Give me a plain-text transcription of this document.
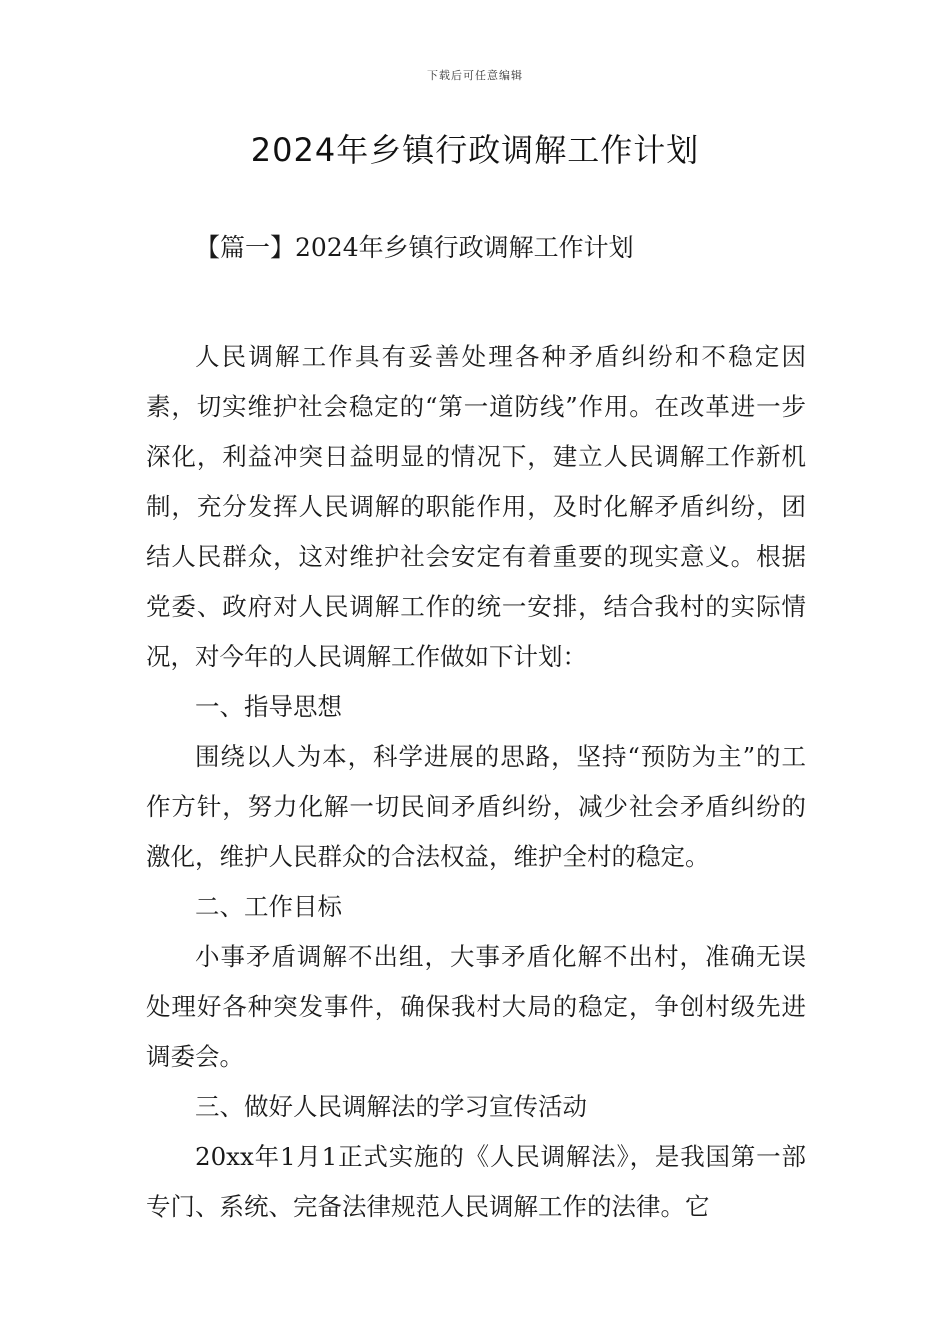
下载后可任意编辑
2024年乡镇行政调解工作计划
【篇一】2024年乡镇行政调解工作计划

人民调解工作具有妥善处理各种矛盾纠纷和不稳定因素，切实维护社会稳定的“第一道防线”作用。在改革进一步深化，利益冲突日益明显的情况下，建立人民调解工作新机制，充分发挥人民调解的职能作用，及时化解矛盾纠纷，团结人民群众，这对维护社会安定有着重要的现实意义。根据党委、政府对人民调解工作的统一安排，结合我村的实际情况，对今年的人民调解工作做如下计划：

一、指导思想

围绕以人为本，科学进展的思路，坚持“预防为主”的工作方针，努力化解一切民间矛盾纠纷，减少社会矛盾纠纷的激化，维护人民群众的合法权益，维护全村的稳定。

二、工作目标

小事矛盾调解不出组，大事矛盾化解不出村，准确无误处理好各种突发事件，确保我村大局的稳定，争创村级先进调委会。

三、做好人民调解法的学习宣传活动

20xx年1月1正式实施的《人民调解法》，是我国第一部专门、系统、完备法律规范人民调解工作的法律。它
